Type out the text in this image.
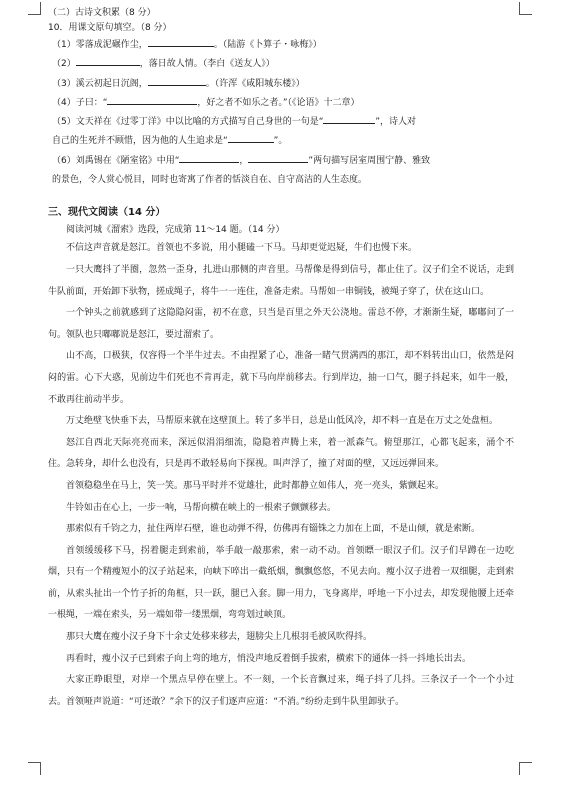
（二）古诗文积累（8 分）
10．用课文原句填空。（8 分）
（1）零落成泥碾作尘，	。（陆游《卜算子・咏梅》）
（2）	，落日故人情。（李白《送友人》）
（3）溪云初起日沉阁，	。（许浑《咸阳城东楼》）
（4）子曰：“	，好之者不如乐之者。”（《论语》十二章）
（5）文天祥在《过零丁洋》中以比喻的方式描写自己身世的一句是“	”，诗人对
自己的生死并不顾惜，因为他的人生追求是“	”。
（6）刘禹锡在《陋室铭》中用“	，	”两句描写居室周围宁静、雅致
的景色，令人赏心悦目，同时也寄寓了作者的恬淡自在、自守高洁的人生态度。
三、现代文阅读（14 分）
阅读河城《溜索》选段，完成第 11～14 题。（14 分）

不信这声音就是怒江。首领也不多说，用小腿磕一下马。马却更觉迟疑，牛们也慢下来。

一只大鹰抖了半圈，忽然一歪身，扎进山那侧的声音里。马帮像是得到信号，都止住了。汉子们全不说话，走到牛队前面，开始卸下驮物，搓成绳子，将牛一一连住，准备走索。马帮如一串铜钱，被绳子穿了，伏在这山口。

一个钟头之前就感到了这隐隐闷雷，初不在意，只当是百里之外天公浇地。雷总不停，才渐渐生疑，嘟嘟问了一句。领队也只嘟嘟说是怒江，要过溜索了。

山不高，口极狭，仅容得一个半牛过去。不由捏紧了心，准备一睹气贯满西的那江，却不料转出山口，依然是闷闷的雷。心下大惑，见前边牛们死也不肯再走，就下马向岸前移去。行到岸边，抽一口气，腿子抖起来，如牛一般，不敢再往前动半步。

万丈绝壁飞快垂下去，马帮原来就在这壁顶上。转了多半日，总是山低风冷，却不料一直是在万丈之处盘桓。

怒江自西北天际亮亮而来，深远似涓涓细流，隐隐着声腾上来，着一派森气。俯望那江，心都飞起来，涌个不住。急转身，却什么也没有，只是再不敢轻易向下探视。叫声浮了，撞了对面的壁，又远远弹回来。

首领稳稳坐在马上，笑一笑。那马平时并不觉雄壮，此时都静立如伟人，亮一亮头，紫颤起来。

牛铃如击在心上，一步一响，马帮向横在峡上的一根索子颤颤移去。

那索似有千钧之力，扯住两岸石壁，谁也动弹不得，仿佛再有锱铢之力加在上面，不是山倾，就是索断。

首领缓缓移下马，拐着腿走到索前，举手敲一敲那索，索一动不动。首领瞟一眼汉子们。汉子们早蹲在一边吃烟，只有一个精瘦短小的汉子站起来，向峡下啐出一截纸烟，飘飘悠悠，不见去向。瘦小汉子进着一双细腿，走到索前，从索头扯出一个竹子折的角框，只一跃，腿已入套。脚一用力，飞身离岸，呼地一下小过去，却发现他腰上还牵一根绳，一端在索头，另一端如带一缕黑烟，弯弯划过峡顶。

那只大鹰在瘦小汉子身下十余丈处移来移去，翅膀尖上几根羽毛被风吹得抖。

再看时，瘦小汉子已到索子向上弯的地方，悄没声地反着倒手拔索，横索下的通体一抖一抖地长出去。

大家正睁眼望，对岸一个黑点早停在壁上。不一刻，一个长音飘过来，绳子抖了几抖。三条汉子一个一个小过去。首领哑声说道：“可还敢？”余下的汉子们逐声应道：“不消。”纷纷走到牛队里卸驮子。
